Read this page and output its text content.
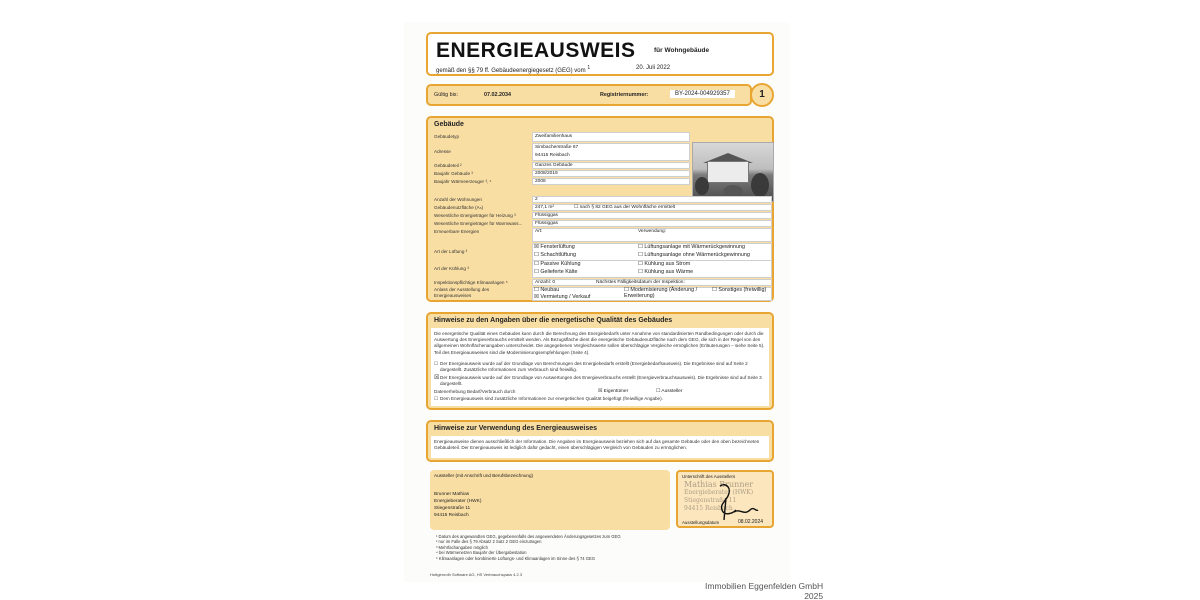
ENERGIEAUSWEIS	für Wohngebäude
gemäß den §§ 79 ff. Gebäudeenergiegesetz (GEG) vom $^1$	20. Juli 2022
Gültig bis:	07.02.2034	Registriernummer:	BY-2024-004929357	1
Gebäude
Gebäudetyp	Zweifamilienhaus
Adresse
Simbacherstraße 67
94415 Reisbach
Gebäudeteil ²	Ganzes Gebäude
Baujahr Gebäude ³	2008/2019
Baujahr Wärmeerzeuger ³, ⁴	2008
Anzahl der Wohnungen	2
Gebäudenutzfläche (Aₙ)	247,1 m²	☐ nach § 82 GEG aus der Wohnfläche ermittelt
Wesentliche Energieträger für Heizung ³	Flüssiggas
Wesentliche Energieträger für Warmwass...	Flüssiggas
Erneuerbare Energien	Art:	Verwendung:
Art der Lüftung ³
☒ Fensterlüftung
☐ Schachtlüftung
☐ Lüftungsanlage mit Wärmerückgewinnung
☐ Lüftungsanlage ohne Wärmerückgewinnung
Art der Kühlung ³
☐ Passive Kühlung
☐ Gelieferte Kälte
☐ Kühlung aus Strom
☐ Kühlung aus Wärme
Inspektionspflichtige Klimaanlagen ⁵	Anzahl: 0	Nächstes Fälligkeitsdatum der Inspektion:
Anlass der Ausstellung des Energieausweises
☐ Neubau
☒ Vermietung / Verkauf
☐ Modernisierung (Änderung / Erweiterung)
☐ Sonstiges (freiwillig)
Hinweise zu den Angaben über die energetische Qualität des Gebäudes
Die energetische Qualität eines Gebäudes kann durch die Berechnung des Energiebedarfs unter Annahme von standardisierten Randbedingungen oder durch die Auswertung des Energieverbrauchs ermittelt werden. Als Bezugsfläche dient die energetische Gebäudenutzfläche nach dem GEG, die sich in der Regel von den allgemeinen Wohnflächenangaben unterscheidet. Die angegebenen Vergleichswerte sollen überschlägige Vergleiche ermöglichen (Erläuterungen – siehe Seite 5). Teil des Energieausweises sind die Modernisierungsempfehlungen (Seite 4).
☐ Der Energieausweis wurde auf der Grundlage von Berechnungen des Energiebedarfs erstellt (Energiebedarfsausweis). Die Ergebnisse sind auf Seite 2 dargestellt. Zusätzliche Informationen zum Verbrauch sind freiwillig.
☒ Der Energieausweis wurde auf der Grundlage von Auswertungen des Energieverbrauchs erstellt (Energieverbrauchsausweis). Die Ergebnisse sind auf Seite 3 dargestellt.
Datenerhebung Bedarf/Verbrauch durch	☒ Eigentümer	☐ Aussteller
☐ Dem Energieausweis sind zusätzliche Informationen zur energetischen Qualität beigefügt (freiwillige Angabe).
Hinweise zur Verwendung des Energieausweises
Energieausweise dienen ausschließlich der Information. Die Angaben im Energieausweis beziehen sich auf das gesamte Gebäude oder den oben bezeichneten Gebäudeteil. Der Energieausweis ist lediglich dafür gedacht, einen überschlägigen Vergleich von Gebäuden zu ermöglichen.
Aussteller (mit Anschrift und Berufsbezeichnung)
Brunner Mathias
Energieberater (HWK)
Stiegenstraße 11
94415 Reisbach
Unterschrift des Ausstellers
Mathias Brunner
Energieberater (HWK)
Stiegenstraße 11
94415 Reisbach
Ausstellungsdatum	08.02.2024
¹ Datum des angewandten GEG, gegebenenfalls des angewendeten Änderungsgesetzes zum GEG
² nur im Falle des § 79 Absatz 2 Satz 2 GEG einzutragen
³ Mehrfachangaben möglich
⁴ bei Wärmenetzen Baujahr der Übergabestation
⁵ Klimaanlagen oder kombinierte Lüftungs- und Klimaanlagen im Sinne des § 74 GEG
Hottgenroth Software AG, HS Verbrauchspass 4.2.3
Immobilien Eggenfelden GmbH
2025
